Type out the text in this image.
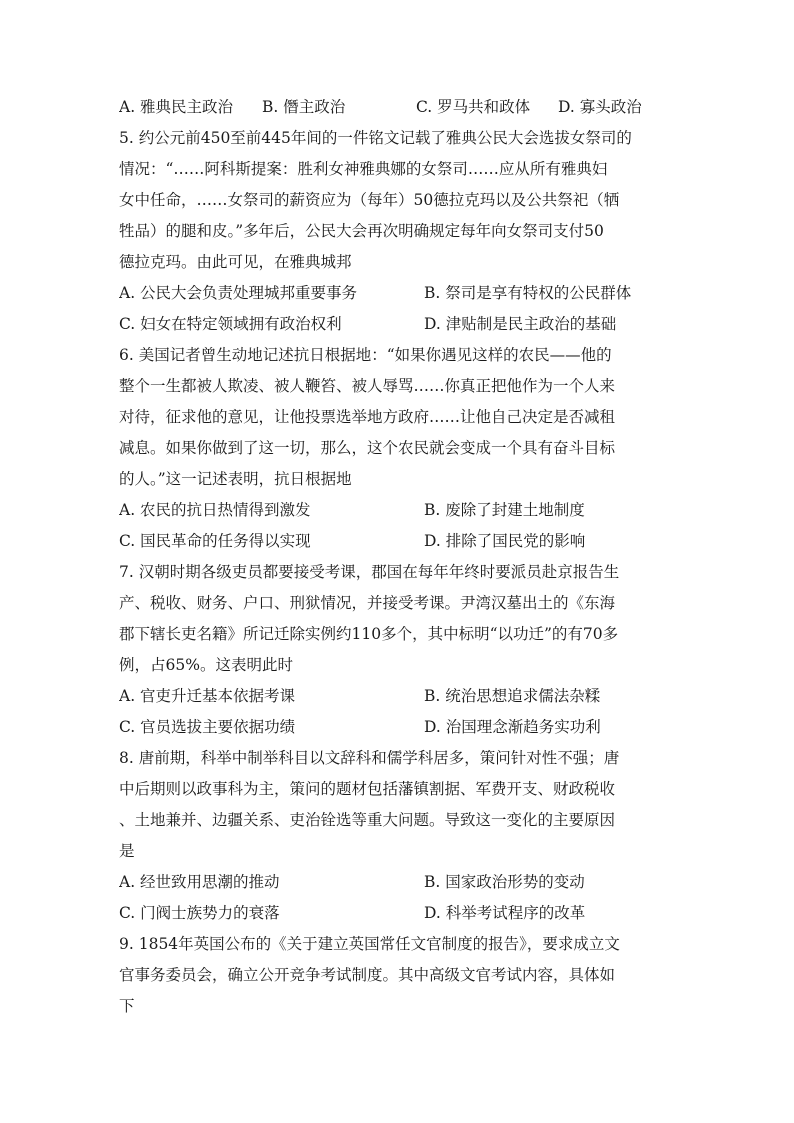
A. 雅典民主政治 B. 僭主政治	C. 罗马共和政体 D. 寡头政治
5. 约公元前450至前445年间的一件铭文记载了雅典公民大会选拔女祭司的
情况：“……阿科斯提案：胜利女神雅典娜的女祭司……应从所有雅典妇
女中任命，……女祭司的薪资应为（每年）50德拉克玛以及公共祭祀（牺
牲品）的腿和皮。”多年后，公民大会再次明确规定每年向女祭司支付50
德拉克玛。由此可见，在雅典城邦
A. 公民大会负责处理城邦重要事务	B. 祭司是享有特权的公民群体
C. 妇女在特定领域拥有政治权利	D. 津贴制是民主政治的基础
6. 美国记者曾生动地记述抗日根据地：“如果你遇见这样的农民——他的
整个一生都被人欺凌、被人鞭笞、被人辱骂……你真正把他作为一个人来
对待，征求他的意见，让他投票选举地方政府……让他自己决定是否减租
减息。如果你做到了这一切，那么，这个农民就会变成一个具有奋斗目标
的人。”这一记述表明，抗日根据地
A. 农民的抗日热情得到激发	B. 废除了封建土地制度
C. 国民革命的任务得以实现	D. 排除了国民党的影响
7. 汉朝时期各级吏员都要接受考课，郡国在每年年终时要派员赴京报告生
产、税收、财务、户口、刑狱情况，并接受考课。尹湾汉墓出土的《东海
郡下辖长吏名籍》所记迁除实例约110多个，其中标明“以功迁”的有70多
例，占65%。这表明此时
A. 官吏升迁基本依据考课	B. 统治思想追求儒法杂糅
C. 官员选拔主要依据功绩	D. 治国理念渐趋务实功利
8. 唐前期，科举中制举科目以文辞科和儒学科居多，策问针对性不强；唐
中后期则以政事科为主，策问的题材包括藩镇割据、军费开支、财政税收
、土地兼并、边疆关系、吏治铨选等重大问题。导致这一变化的主要原因
是
A. 经世致用思潮的推动	B. 国家政治形势的变动
C. 门阀士族势力的衰落	D. 科举考试程序的改革
9. 1854年英国公布的《关于建立英国常任文官制度的报告》，要求成立文
官事务委员会，确立公开竞争考试制度。其中高级文官考试内容，具体如
下
